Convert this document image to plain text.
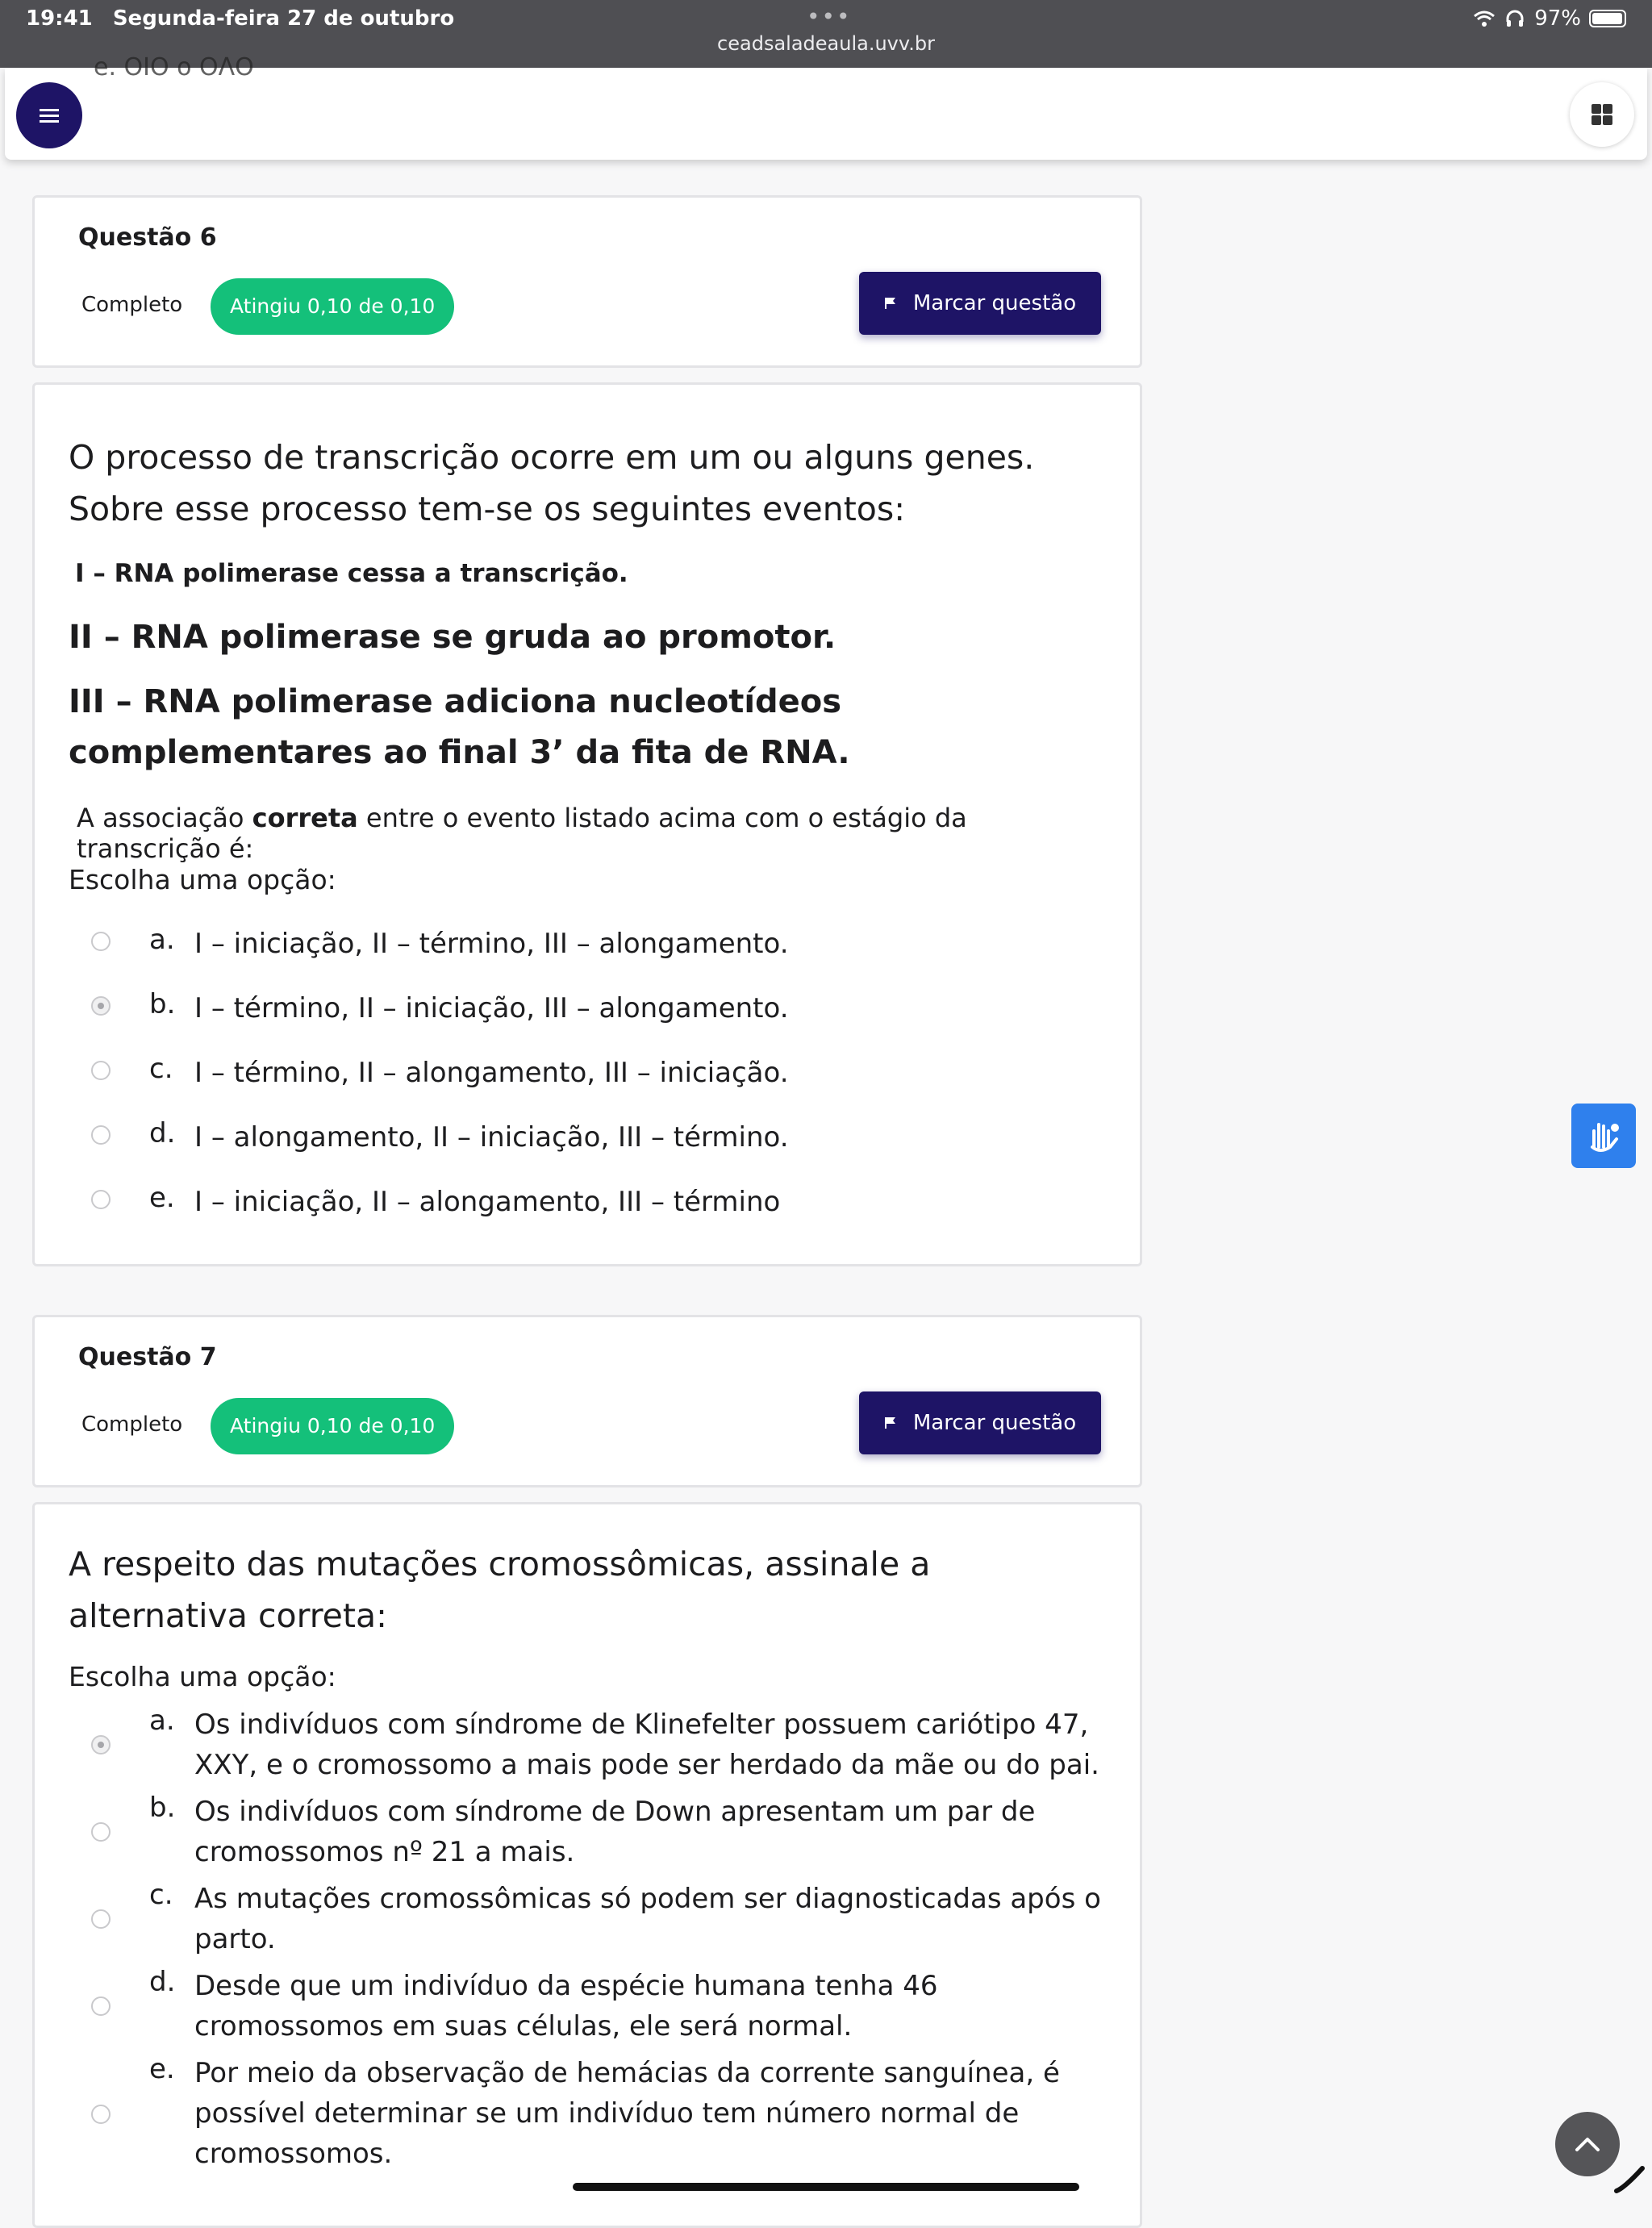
19:41 Segunda-feira 27 de outubro	•••
ceadsaladeaula.uvv.br
97%
e. ΟΙΟ ο ΟΛΟ
Questão 6
Completo	Atingiu 0,10 de 0,10	Marcar questão
O processo de transcrição ocorre em um ou alguns genes. Sobre esse processo tem-se os seguintes eventos:
I – RNA polimerase cessa a transcrição.
II – RNA polimerase se gruda ao promotor.
III – RNA polimerase adiciona nucleotídeos complementares ao final 3’ da fita de RNA.
A associação correta entre o evento listado acima com o estágio da transcrição é:
Escolha uma opção:
a. I – iniciação, II – término, III – alongamento.
b. I – término, II – iniciação, III – alongamento.
c. I – término, II – alongamento, III – iniciação.
d. I – alongamento, II – iniciação, III – término.
e. I – iniciação, II – alongamento, III – término
Questão 7
Completo	Atingiu 0,10 de 0,10	Marcar questão
A respeito das mutações cromossômicas, assinale a alternativa correta:
Escolha uma opção:
a. Os indivíduos com síndrome de Klinefelter possuem cariótipo 47, XXY, e o cromossomo a mais pode ser herdado da mãe ou do pai.
b. Os indivíduos com síndrome de Down apresentam um par de cromossomos nº 21 a mais.
c. As mutações cromossômicas só podem ser diagnosticadas após o parto.
d. Desde que um indivíduo da espécie humana tenha 46 cromossomos em suas células, ele será normal.
e. Por meio da observação de hemácias da corrente sanguínea, é possível determinar se um indivíduo tem número normal de cromossomos.
